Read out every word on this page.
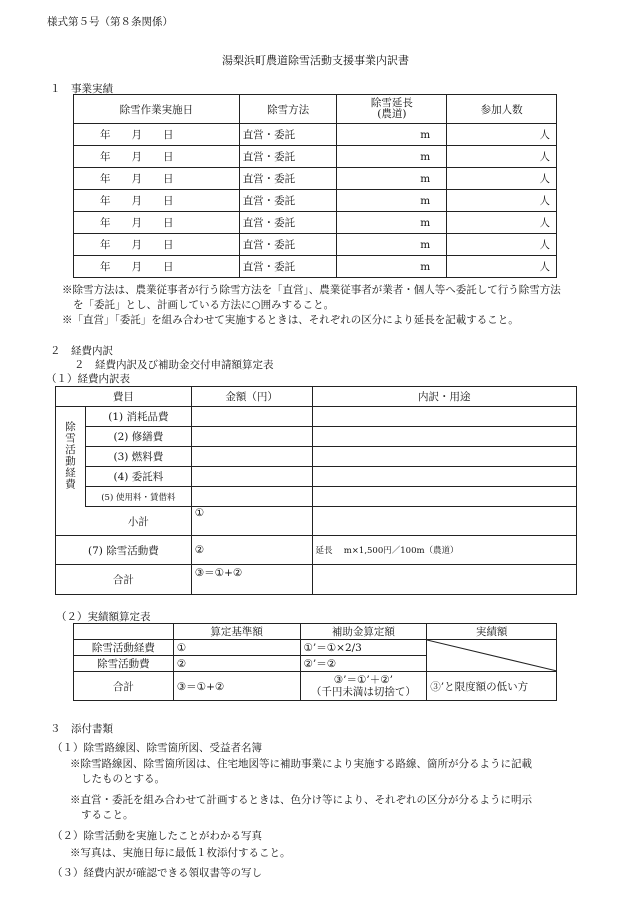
様式第５号（第８条関係）
湯梨浜町農道除雪活動支援事業内訳書
１　事業実績
除雪作業実施日	除雪方法	除雪延長
(農道)	参加人数
年　　月　　日	直営・委託	m	人
年　　月　　日	直営・委託	m	人
年　　月　　日	直営・委託	m	人
年　　月　　日	直営・委託	m	人
年　　月　　日	直営・委託	m	人
年　　月　　日	直営・委託	m	人
年　　月　　日	直営・委託	m	人
※除雪方法は、農業従事者が行う除雪方法を「直営」、農業従事者が業者・個人等へ委託して行う除雪方法
を「委託」とし、計画している方法に○囲みすること。
※「直営」「委託」を組み合わせて実施するときは、それぞれの区分により延長を記載すること。
２　経費内訳
２　経費内訳及び補助金交付申請額算定表
（１）経費内訳表
費目		金額（円）	内訳・用途
除雪活動経費	(1) 消耗品費		
	(2) 修繕費		
	(3) 燃料費		
	(4) 委託料		
	(5) 使用料・賃借料		
小計		①	
(7) 除雪活動費		②	延長　 m×1,500円／100m（農道）
合計		③＝①+②	
（２）実績額算定表
	算定基準額	補助金算定額	実績額
除雪活動経費	①	①’＝①×2/3	

除雪活動費	②	②’＝②	
合計	③＝①+②	③’＝①’＋②’
（千円未満は切捨て）	③’と限度額の低い方
３　添付書類
（１）除雪路線図、除雪箇所図、受益者名簿
※除雪路線図、除雪箇所図は、住宅地図等に補助事業により実施する路線、箇所が分るように記載
したものとする。
※直営・委託を組み合わせて計画するときは、色分け等により、それぞれの区分が分るように明示
すること。
（２）除雪活動を実施したことがわかる写真
※写真は、実施日毎に最低１枚添付すること。
（３）経費内訳が確認できる領収書等の写し
